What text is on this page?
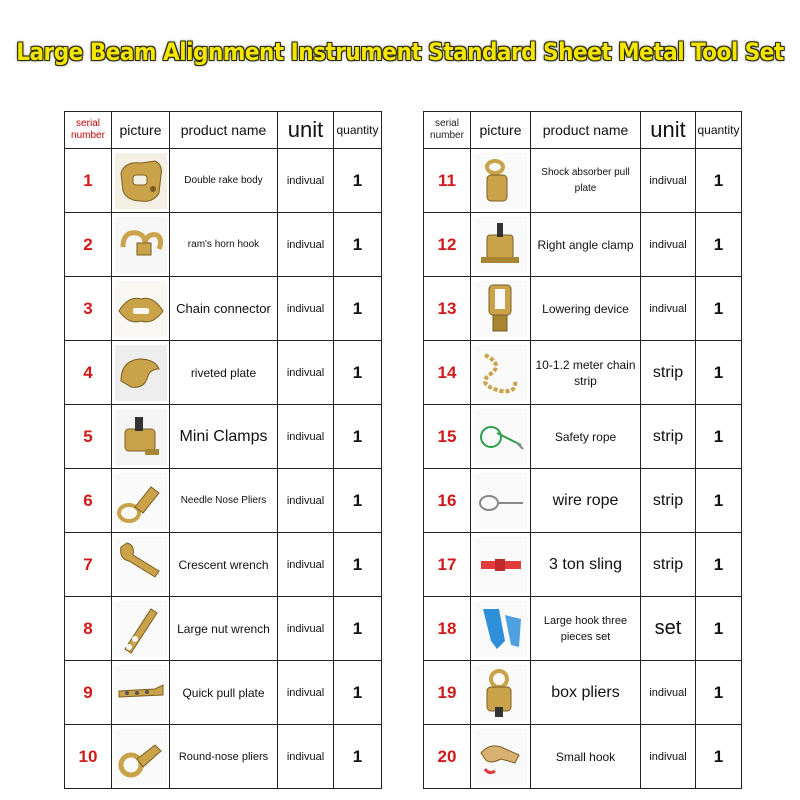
Large Beam Alignment Instrument Standard Sheet Metal Tool Set
serial
number	picture	product name	unit	quantity
1		Double rake body	indivual	1
2		ram's horn hook	indivual	1
3		Chain connector	indivual	1
4		riveted plate	indivual	1
5		Mini Clamps	indivual	1
6		Needle Nose Pliers	indivual	1
7		Crescent wrench	indivual	1
8		Large nut wrench	indivual	1
9		Quick pull plate	indivual	1
10		Round-nose pliers	indivual	1
serial
number	picture	product name	unit	quantity
11		Shock absorber pull plate	indivual	1
12		Right angle clamp	indivual	1
13		Lowering device	indivual	1
14		10-1.2 meter chain strip	strip	1
15		Safety rope	strip	1
16		wire rope	strip	1
17		3 ton sling	strip	1
18		Large hook three pieces set	set	1
19		box pliers	indivual	1
20		Small hook	indivual	1
